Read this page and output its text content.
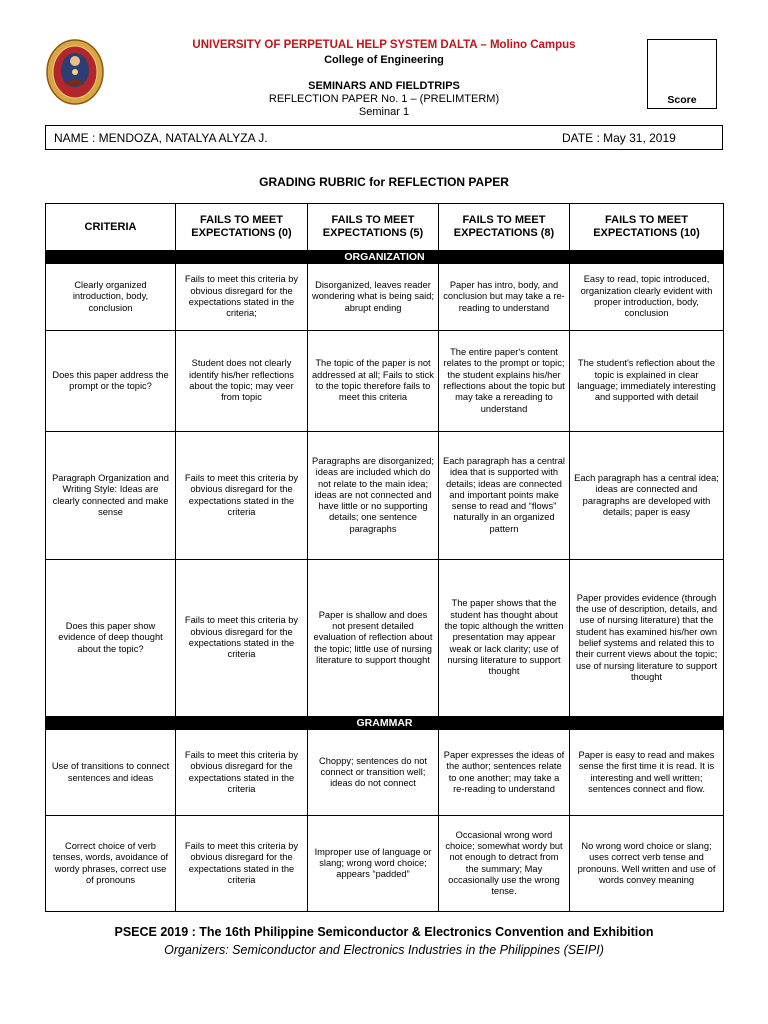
UNIVERSITY OF PERPETUAL HELP SYSTEM DALTA – Molino Campus
College of Engineering
SEMINARS AND FIELDTRIPS
REFLECTION PAPER No. 1 – (PRELIMTERM)
Seminar 1
Score
NAME : MENDOZA, NATALYA ALYZA J.	DATE : May 31, 2019
GRADING RUBRIC for REFLECTION PAPER
CRITERIA	FAILS TO MEET EXPECTATIONS (0)	FAILS TO MEET EXPECTATIONS (5)	FAILS TO MEET EXPECTATIONS (8)	FAILS TO MEET EXPECTATIONS (10)
ORGANIZATION				
Clearly organized introduction, body, conclusion	Fails to meet this criteria by obvious disregard for the expectations stated in the criteria;	Disorganized, leaves reader wondering what is being said; abrupt ending	Paper has intro, body, and conclusion but may take a re-reading to understand	Easy to read, topic introduced, organization clearly evident with proper introduction, body, conclusion
Does this paper address the prompt or the topic?	Student does not clearly identify his/her reflections about the topic; may veer from topic	The topic of the paper is not addressed at all; Fails to stick to the topic therefore fails to meet this criteria	The entire paper's content relates to the prompt or topic; the student explains his/her reflections about the topic but may take a rereading to understand	The student's reflection about the topic is explained in clear language; immediately interesting and supported with detail
Paragraph Organization and Writing Style: Ideas are clearly connected and make sense	Fails to meet this criteria by obvious disregard for the expectations stated in the criteria	Paragraphs are disorganized; ideas are included which do not relate to the main idea; ideas are not connected and have little or no supporting details; one sentence paragraphs	Each paragraph has a central idea that is supported with details; ideas are connected and important points make sense to read and “flows” naturally in an organized pattern	Each paragraph has a central idea; ideas are connected and paragraphs are developed with details; paper is easy
Does this paper show evidence of deep thought about the topic?	Fails to meet this criteria by obvious disregard for the expectations stated in the criteria	Paper is shallow and does not present detailed evaluation of reflection about the topic; little use of nursing literature to support thought	The paper shows that the student has thought about the topic although the written presentation may appear weak or lack clarity; use of nursing literature to support thought	Paper provides evidence (through the use of description, details, and use of nursing literature) that the student has examined his/her own belief systems and related this to their current views about the topic; use of nursing literature to support thought
GRAMMAR				
Use of transitions to connect sentences and ideas	Fails to meet this criteria by obvious disregard for the expectations stated in the criteria	Choppy; sentences do not connect or transition well; ideas do not connect	Paper expresses the ideas of the author; sentences relate to one another; may take a re-reading to understand	Paper is easy to read and makes sense the first time it is read. It is interesting and well written; sentences connect and flow.
Correct choice of verb tenses, words, avoidance of wordy phrases, correct use of pronouns	Fails to meet this criteria by obvious disregard for the expectations stated in the criteria	Improper use of language or slang; wrong word choice; appears “padded”	Occasional wrong word choice; somewhat wordy but not enough to detract from the summary; May occasionally use the wrong tense.	No wrong word choice or slang; uses correct verb tense and pronouns. Well written and use of words convey meaning
PSECE 2019 : The 16th Philippine Semiconductor & Electronics Convention and Exhibition
Organizers: Semiconductor and Electronics Industries in the Philippines (SEIPI)
